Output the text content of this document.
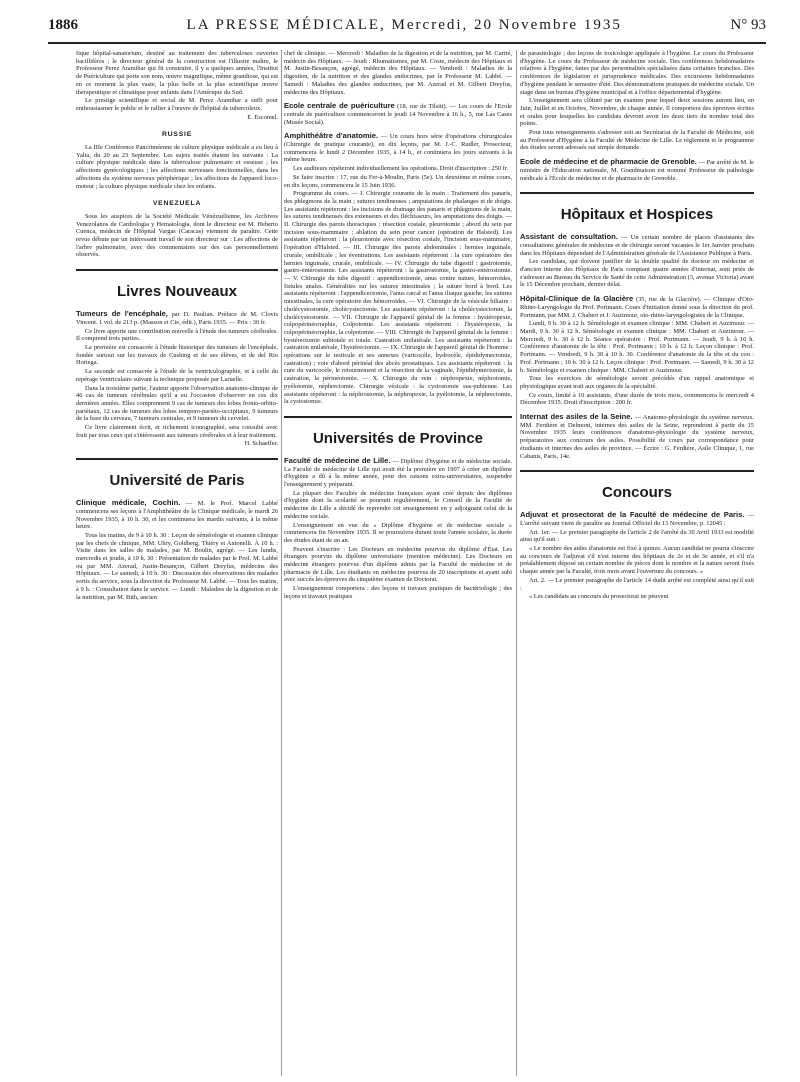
1886	LA PRESSE MÉDICALE, Mercredi, 20 Novembre 1935	N° 93

fique hôpital-sanatorium, destiné au traitement des tuberculoses ouvertes bacillifères ; le directeur général de la construction est l'illustre maître, le Professeur Perez Aramibar qui fit construire, il y a quelques années, l'Institut de Puériculture qui porte son nom, œuvre magnifique, même grandiose, qui est en ce moment la plus vaste, la plus belle et la plus scientifique œuvre thérapeutique et climatique pour enfants dans l'Amérique du Sud.

Le prestige scientifique et social de M. Perez Aramibar a suffi pour enthousiasmer le public et le rallier à l'œuvre de l'hôpital de tuberculeux.

E. Escomel.
RUSSIE

La IIIe Conférence Pancriméenne de culture physique médicale a eu lieu à Yalta, du 20 au 23 Septembre. Les sujets traités étaient les suivants : La culture physique médicale dans la tuberculose pulmonaire et osseuse ; les affections gynécologiques ; les affections nerveuses fonctionnelles, dans les affections du système nerveux périphérique ; les affections de l'appareil loco-moteur ; la culture physique médicale chez les enfants.

VENEZUELA

Sous les auspices de la Société Médicale Vénézuélienne, les Archivos Venezolanos de Cardiologia y Hematologia, dont le directeur est M. Heberto Cuenca, médecin de l'Hôpital Vargas (Caracas) viennent de paraître. Cette revue débute par un intéressant travail de son directeur sur : Les affections de l'arbre pulmonaire, avec des commentaires sur des cas personnellement observés.

Livres Nouveaux

Tumeurs de l'encéphale, par D. Paulian. Préface de M. Clovis Vincent. 1 vol. de 213 p. (Masson et Cie, édit.), Paris 1935. — Prix : 30 fr.

Ce livre apporte une contribution nouvelle à l'étude des tumeurs cérébrales. Il comprend trois parties.

La première est consacrée à l'étude historique des tumeurs de l'encéphale, fondée surtout sur les travaux de Cushing et de ses élèves, et de del Rio Hortega.

La seconde est consacrée à l'étude de la ventriculographie, et à celle du repérage ventriculaire suivant la technique proposée par Laruelle.

Dans la troisième partie, l'auteur apporte l'observation anatomo-clinique de 46 cas de tumeurs cérébrales qu'il a eu l'occasion d'observer en ces dix dernières années. Elles comprennent 9 cas de tumeurs des lobes fronto-orbito-pariétaux, 12 cas de tumeurs des lobes temporo-pariéto-occipitaux, 9 tumeurs de la base du cerveau, 7 tumeurs centrales, et 9 tumeurs du cervelet.

Ce livre clairement écrit, et richement iconographié, sera consulté avec fruit par tous ceux qui s'intéressent aux tumeurs cérébrales et à leur traitement.

H. Schaeffer.
Université de Paris

Clinique médicale, Cochin. — M. le Prof. Marcel Labbé commencera ses leçons à l'Amphithéâtre de la Clinique médicale, le mardi 26 Novembre 1935, à 10 h. 30, et les continuera les mardis suivants, à la même heure.

Tous les matins, de 9 à 10 h. 30 : Leçon de séméiologie et examen clinique par les chefs de clinique, MM. Uhry, Goldberg, Thiéry et Antonelli. À 10 h. : Visite dans les salles de malades, par M. Boulin, agrégé. — Les lundis, mercredis et jeudis, à 10 h. 30 : Présentation de malades par le Prof. M. Labbé ou par MM. Azerad, Justin-Besançon, Gilbert Dreyfus, médecins des Hôpitaux. — Le samedi, à 10 h. 30 : Discussion des observations des malades sortis du service, sous la direction du Professeur M. Labbé. — Tous les matins, à 9 h. : Consultation dans le service. — Lundi : Maladies de la digestion et de la nutrition, par M. Bith, ancien

chef de clinique. — Mercredi : Maladies de la digestion et de la nutrition, par M. Carrié, médecin des Hôpitaux. — Jeudi : Rhumatismes, par M. Coste, médecin des Hôpitaux et M. Justin-Besançon, agrégé, médecin des Hôpitaux. — Vendredi : Maladies de la digestion, de la nutrition et des glandes endocrines, par le Professeur M. Labbé. — Samedi : Maladies des glandes endocrines, par M. Azerad et M. Gilbert Dreyfus, médecins des Hôpitaux.

Ecole centrale de puériculture (18, rue de Tilsitt). — Les cours de l'Ecole centrale de puériculture commenceront le jeudi 14 Novembre à 16 h., 5, rue Las Cases (Musée Social).

Amphithéâtre d'anatomie. — Un cours hors série d'opérations chirurgicales (Chirurgie de pratique courante), en dix leçons, par M. J.-C. Rudler, Prosecteur, commencera le lundi 2 Décembre 1935, à 14 h., et continuera les jours suivants à la même heure.

Les auditeurs répéteront individuellement les opérations. Droit d'inscription : 250 fr.

Se faire inscrire : 17, rue du Fer-à-Moulin, Paris (5e). Un deuxième et même cours, en dix leçons, commencera le 15 Juin 1936.

Programme du cours. — I. Chirurgie courante de la main : Traitement des panaris, des phlegmons de la main ; sutures tendineuses ; amputations de phalanges et de doigts. Les assistants répéteront : les incisions de drainage des panaris et phlegmons de la main, les sutures tendineuses des extenseurs et des fléchisseurs, les amputations des doigts. — II. Chirurgie des parois thoraciques : résection costale, pleurotomie ; abord du sein par incision sous-mammaire ; ablation du sein pour cancer (opération de Halsted). Les assistants répéteront : la pleurotomie avec résection costale, l'incision sous-mammaire, l'opération d'Halsted. — III. Chirurgie des parois abdominales : hernies inguinale, crurale, ombilicale ; les éventrations. Les assistants répéteront : la cure opératoire des hernies inguinale, crurale, ombilicale. — IV. Chirurgie du tube digestif : gastrotomie, gastro-entérostomie. Les assistants répéteront : la gastrostomie, la gastro-entérostomie. — V. Chirurgie du tube digestif : appendicectomie, anus contre nature, hémorroïdes, fistules anales. Généralités sur les sutures intestinales ; la suture bord à bord. Les assistants répéteront : l'appendicectomie, l'anus cæcal et l'anus iliaque gauche, les sutures intestinales, la cure opératoire des hémorroïdes. — VI. Chirurgie de la vésicule biliaire : cholécystostomie, cholécystectomie. Les assistants répéteront : la cholécystectomie, la cholécystostomie. — VII. Chirurgie de l'appareil génital de la femme : hystéropexie, colpopérinéorraphie, Colpotomie. Les assistants répéteront : l'hystéropexie, la colpopérinéorraphie, la colpotomie. — VIII. Chirurgie de l'appareil génital de la femme : hystérectomie subtotale et totale. Castration unilatérale. Les assistants répéteront : la castration unilatérale, l'hystérectomie. — IX. Chirurgie de l'appareil génital de l'homme : opérations sur le testicule et ses annexes (varicocèle, hydrocèle, épididymectomie, castration) ; voie d'abord périnéal des abcès prostatiques. Les assistants répéteront : la cure du varicocèle, le retournement et la résection de la vaginale, l'épididymectomie, la castration, la périnéotomie. — X. Chirurgie du rein : néphropexie, néphrotomie, pyélotomie, néphrectomie. Chirurgie vésicale : la cystostomie sus-pubienne. Les assistants répéteront : la néphrostomie, la néphropexie, la pyélotomie, la néphrectomie, la cystostomie.

Universités de Province

Faculté de médecine de Lille. — Diplôme d'hygiène et de médecine sociale. La Faculté de médecine de Lille qui avait été la première en 1907 à créer un diplôme d'hygiène a dû à la même année, pour des raisons extra-universitaires, suspendre l'enseignement y préparant.

La plupart des Facultés de médecine françaises ayant créé depuis des diplômes d'hygiène dont la scolarité se poursuit régulièrement, le Conseil de la Faculté de médecine de Lille a décidé de reprendre cet enseignement en y adjoignant celui de la médecine sociale.

L'enseignement en vue du « Diplôme d'hygiène et de médecine sociale » commencera fin Novembre 1935. Il se poursuivra durant toute l'année scolaire, la durée des études étant de un an.

Peuvent s'inscrire : Les Docteurs en médecine pourvus du diplôme d'État. Les étrangers pourvus du diplôme universitaire (mention médecine). Les Docteurs en médecine étrangers pourvus d'un diplôme admis par la Faculté de médecine et de pharmacie de Lille. Les étudiants en médecine pourvus de 20 inscriptions et ayant subi avec succès les épreuves du cinquième examen de Doctorat.

L'enseignement comportera : des leçons et travaux pratiques de bactériologie ; des leçons et travaux pratiques

de parasitologie ; des leçons de toxicologie appliquée à l'hygiène. Le cours du Professeur d'hygiène. Le cours du Professeur de médecine sociale. Des conférences hebdomadaires relatives à l'hygiène, faites par des personnalités spécialisées dans certaines branches. Des conférences de législation et jurisprudence médicales. Des excursions hebdomadaires d'hygiène pendant le semestre d'été. Des démonstrations pratiques de médecine sociale. Un stage dans un bureau d'hygiène municipal et à l'office départemental d'hygiène.

L'enseignement sera clôturé par un examen pour lequel deux sessions auront lieu, en Juin, Juillet et en Octobre, Novembre, de chaque année. Il comportera des épreuves écrites et orales pour lesquelles les candidats devront avoir les deux tiers du nombre total des points.

Pour tous renseignements s'adresser soit au Secrétariat de la Faculté de Médecine, soit au Professeur d'Hygiène à la Faculté de Médecine de Lille. Le règlement et le programme des études seront adressés sur simple demande.

Ecole de médecine et de pharmacie de Grenoble. — Par arrêté de M. le ministre de l'Éducation nationale, M. Grandmaison est nommé Professeur de pathologie médicale à l'École de médecine et de pharmacie de Grenoble.

Hôpitaux et Hospices

Assistant de consultation. — Un certain nombre de places d'assistants des consultations générales de médecine et de chirurgie seront vacantes le 1er Janvier prochain dans les Hôpitaux dépendant de l'Administration générale de l'Assistance Publique à Paris.

Les candidats, qui doivent justifier de la double qualité de docteur en médecine et d'ancien interne des Hôpitaux de Paris comptant quatre années d'internat, sont priés de s'adresser au Bureau du Service de Santé de cette Administration (3, avenue Victoria) avant le 15 Décembre prochain, dernier délai.

Hôpital-Clinique de la Glacière (35, rue de la Glacière). — Clinique d'Oto-Rhino-Laryngologie du Prof. Portmann. Cours d'initiation donné sous la direction du prof. Portmann, par MM. J. Chabert et J. Auzimour, oto-rhino-laryngologistes de la Clinique.

Lundi, 9 h. 30 à 12 h. Séméiologie et examen clinique : MM. Chabert et Auzimour. — Mardi, 9 h. 30 à 12 h. Séméiologie et examen clinique : MM. Chabert et Auzimour. — Mercredi, 9 h. 30 à 12 h. Séance opératoire : Prof. Portmann. — Jeudi, 9 h. à 10 h. Conférence d'anatomie de la tête : Prof. Portmann ; 10 h. à 12 h. Leçon clinique : Prof. Portmann. — Vendredi, 9 h. 30 à 10 h. 30. Conférence d'anatomie de la tête et du cou : Prof. Portmann ; 10 h. 30 à 12 h. Leçon clinique : Prof. Portmann. — Samedi, 9 h. 30 à 12 h. Séméiologie et examen clinique : MM. Chabert et Auzimour.

Tous les exercices de séméiologie seront précédés d'un rappel anatomique et physiologique ayant trait aux organes de la spécialité.

Ce cours, limité à 10 assistants, d'une durée de trois mois, commencera le mercredi 4 Décembre 1935. Droit d'inscription : 200 fr.

Internat des asiles de la Seine. — Anatomo-physiologie du système nerveux. MM. Ferdière et Delmont, internes des asiles de la Seine, reprendront à partir du 15 Novembre 1935 leurs conférences d'anatomo-physiologie du système nerveux, préparatoires aux concours des asiles. Possibilité de cours par correspondance pour étudiants et internes des asiles de province. — Écrire : G. Ferdière, Asile Clinique, 1, rue Cabanis, Paris, 14e.

Concours

Adjuvat et prosectorat de la Faculté de médecine de Paris. — L'arrêté suivant vient de paraître au Journal Officiel du 13 Novembre, p. 12045 :

Art. 1er. — Le premier paragraphe de l'article 2 de l'arrêté du 30 Avril 1933 est modifié ainsi qu'il suit :

« Le nombre des aides d'anatomie est fixé à quinze. Aucun candidat ne pourra s'inscrire au concours de l'adjuvat s'il n'est interne des hôpitaux de 2e et de 3e année, et s'il n'a préalablement déposé un certain nombre de pièces dont le nombre et la nature seront fixés chaque année par la Faculté, trois mois avant l'ouverture du concours. »

Art. 2. — Le premier paragraphe de l'article 14 dudit arrêté est complété ainsi qu'il suit :

« Les candidats au concours du prosectorat ne peuvent
